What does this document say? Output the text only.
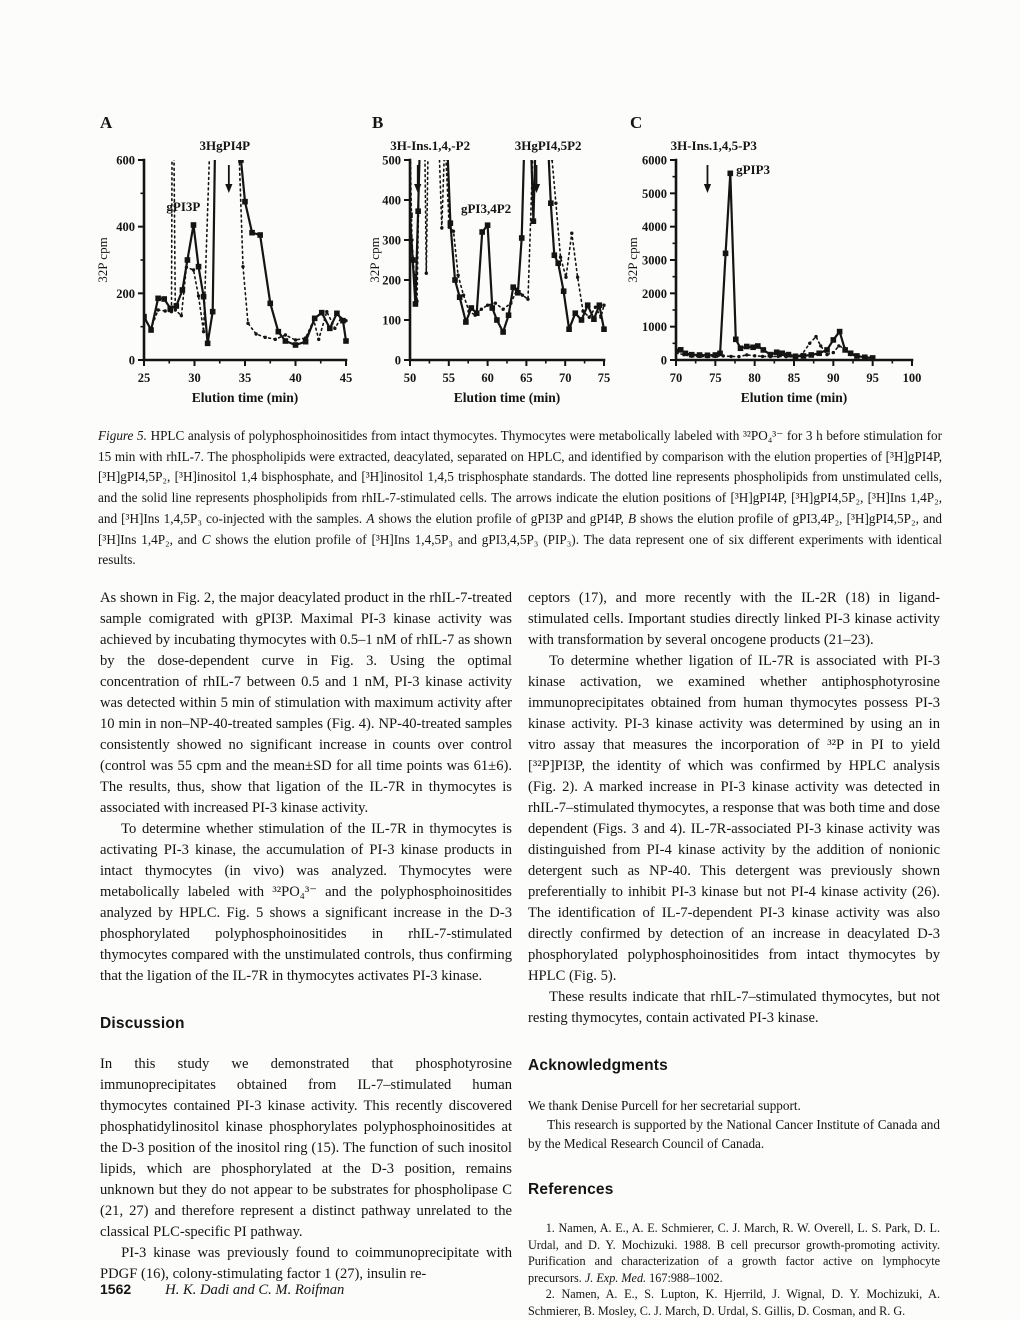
A
0
200
400
600
25	30	35	40	45
Elution time (min)
32P cpm
3HgPI4P
gPI3P
B
0
100
200
300
400
500
50 55 60 65 70 75
Elution time (min)
32P cpm
3H-Ins.1,4,-P2	3HgPI4,5P2
gPI3,4P2
C
0
1000
2000
3000
4000
5000
6000
70 75 80 85 90 95 100
Elution time (min)
32P cpm
3H-Ins.1,4,5-P3
gPIP3
Figure 5. HPLC analysis of polyphosphoinositides from intact thymocytes. Thymocytes were metabolically labeled with ³²PO₄³⁻ for 3 h before stimulation for 15 min with rhIL-7. The phospholipids were extracted, deacylated, separated on HPLC, and identified by comparison with the elution properties of [³H]gPI4P, [³H]gPI4,5P₂, [³H]inositol 1,4 bisphosphate, and [³H]inositol 1,4,5 trisphosphate standards. The dotted line represents phospholipids from unstimulated cells, and the solid line represents phospholipids from rhIL-7-stimulated cells. The arrows indicate the elution positions of [³H]gPI4P, [³H]gPI4,5P₂, [³H]Ins 1,4P₂, and [³H]Ins 1,4,5P₃ co-injected with the samples. A shows the elution profile of gPI3P and gPI4P, B shows the elution profile of gPI3,4P₂, [³H]gPI4,5P₂, and [³H]Ins 1,4P₂, and C shows the elution profile of [³H]Ins 1,4,5P₃ and gPI3,4,5P₃ (PIP₃). The data represent one of six different experiments with identical results.

As shown in Fig. 2, the major deacylated product in the rhIL-7-treated sample comigrated with gPI3P. Maximal PI-3 kinase activity was achieved by incubating thymocytes with 0.5–1 nM of rhIL-7 as shown by the dose-dependent curve in Fig. 3. Using the optimal concentration of rhIL-7 between 0.5 and 1 nM, PI-3 kinase activity was detected within 5 min of stimulation with maximum activity after 10 min in non–NP-40-treated samples (Fig. 4). NP-40-treated samples consistently showed no significant increase in counts over control (control was 55 cpm and the mean±SD for all time points was 61±6). The results, thus, show that ligation of the IL-7R in thymocytes is associated with increased PI-3 kinase activity.

To determine whether stimulation of the IL-7R in thymocytes is activating PI-3 kinase, the accumulation of PI-3 kinase products in intact thymocytes (in vivo) was analyzed. Thymocytes were metabolically labeled with ³²PO₄³⁻ and the polyphosphoinositides analyzed by HPLC. Fig. 5 shows a significant increase in the D-3 phosphorylated polyphosphoinositides in rhIL-7-stimulated thymocytes compared with the unstimulated controls, thus confirming that the ligation of the IL-7R in thymocytes activates PI-3 kinase.

Discussion

In this study we demonstrated that phosphotyrosine immunoprecipitates obtained from IL-7–stimulated human thymocytes contained PI-3 kinase activity. This recently discovered phosphatidylinositol kinase phosphorylates polyphosphoinositides at the D-3 position of the inositol ring (15). The function of such inositol lipids, which are phosphorylated at the D-3 position, remains unknown but they do not appear to be substrates for phospholipase C (21, 27) and therefore represent a distinct pathway unrelated to the classical PLC-specific PI pathway.

PI-3 kinase was previously found to coimmunoprecipitate with PDGF (16), colony-stimulating factor 1 (27), insulin re-

ceptors (17), and more recently with the IL-2R (18) in ligand-stimulated cells. Important studies directly linked PI-3 kinase activity with transformation by several oncogene products (21–23).

To determine whether ligation of IL-7R is associated with PI-3 kinase activation, we examined whether antiphosphotyrosine immunoprecipitates obtained from human thymocytes possess PI-3 kinase activity. PI-3 kinase activity was determined by using an in vitro assay that measures the incorporation of ³²P in PI to yield [³²P]PI3P, the identity of which was confirmed by HPLC analysis (Fig. 2). A marked increase in PI-3 kinase activity was detected in rhIL-7–stimulated thymocytes, a response that was both time and dose dependent (Figs. 3 and 4). IL-7R-associated PI-3 kinase activity was distinguished from PI-4 kinase activity by the addition of nonionic detergent such as NP-40. This detergent was previously shown preferentially to inhibit PI-3 kinase but not PI-4 kinase activity (26). The identification of IL-7-dependent PI-3 kinase activity was also directly confirmed by detection of an increase in deacylated D-3 phosphorylated polyphosphoinositides from intact thymocytes by HPLC (Fig. 5).

These results indicate that rhIL-7–stimulated thymocytes, but not resting thymocytes, contain activated PI-3 kinase.

Acknowledgments

We thank Denise Purcell for her secretarial support.

This research is supported by the National Cancer Institute of Canada and by the Medical Research Council of Canada.

References

1. Namen, A. E., A. E. Schmierer, C. J. March, R. W. Overell, L. S. Park, D. L. Urdal, and D. Y. Mochizuki. 1988. B cell precursor growth-promoting activity. Purification and characterization of a growth factor active on lymphocyte precursors. J. Exp. Med. 167:988–1002.

2. Namen, A. E., S. Lupton, K. Hjerrild, J. Wignal, D. Y. Mochizuki, A. Schmierer, B. Mosley, C. J. March, D. Urdal, S. Gillis, D. Cosman, and R. G.

1562 H. K. Dadi and C. M. Roifman
